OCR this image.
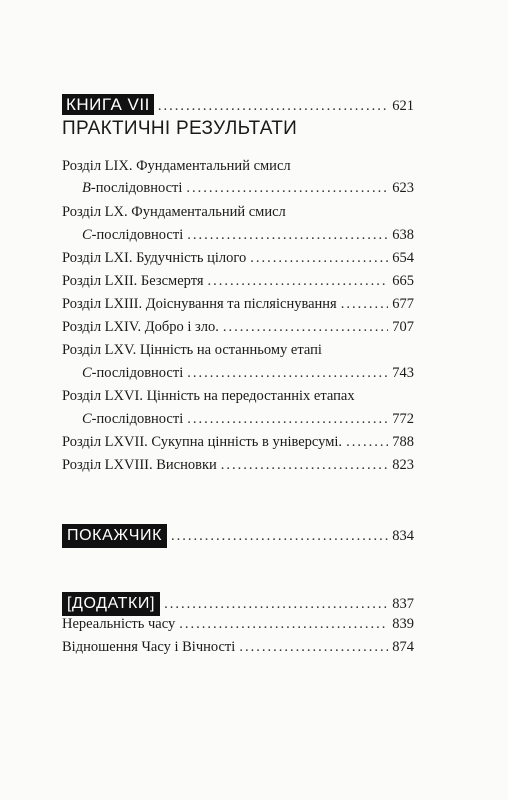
КНИГА VII .....	621
ПРАКТИЧНІ РЕЗУЛЬТАТИ
Розділ LIX. Фундаментальний смисл
B-послідовності .....	623
Розділ LX. Фундаментальний смисл
C-послідовності .....	638
Розділ LXI. Будучність цілого .....	654
Розділ LXII. Безсмертя .....	665
Розділ LXIII. Доіснування та післяіснування .....	677
Розділ LXIV. Добро і зло. .....	707
Розділ LXV. Цінність на останньому етапі
C-послідовності .....	743
Розділ LXVI. Цінність на передостанніх етапах
C-послідовності .....	772
Розділ LXVII. Сукупна цінність в універсумі. .....	788
Розділ LXVIII. Висновки .....	823
ПОКАЖЧИК .....	834
[ДОДАТКИ] .....	837
Нереальність часу .....	839
Відношення Часу і Вічності .....	874
